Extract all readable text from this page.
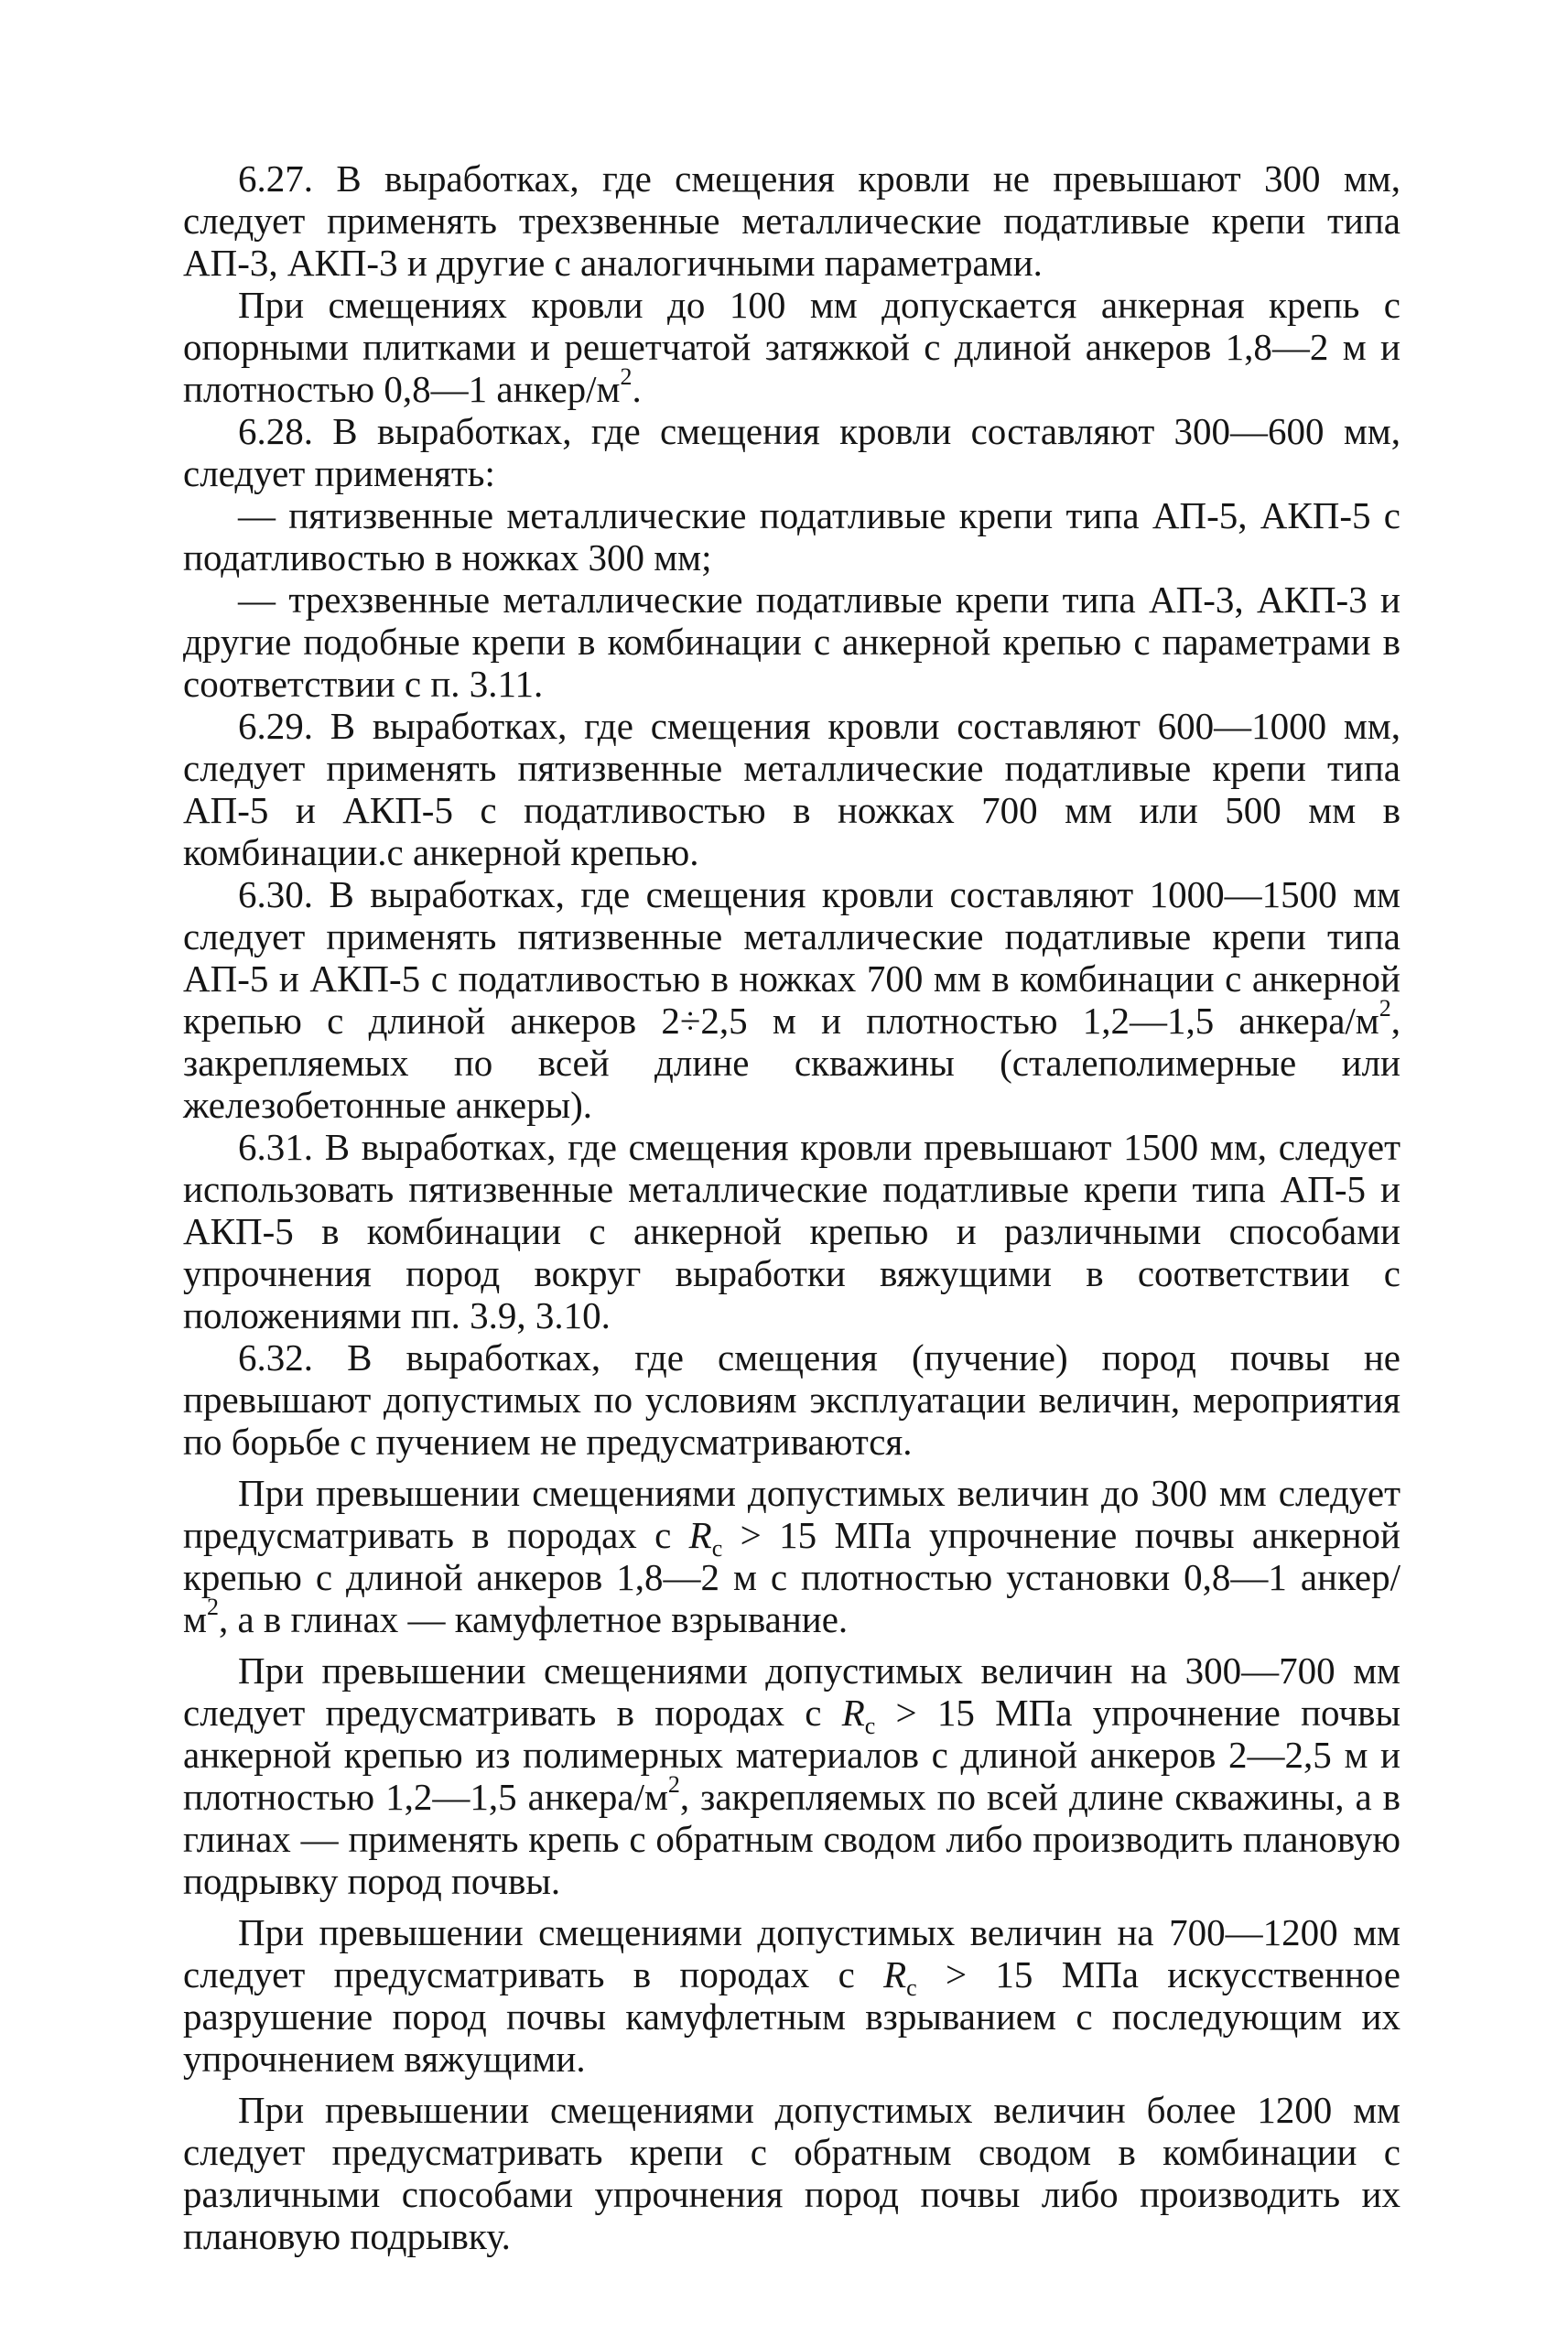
6.27. В выработках, где смещения кровли не превышают 300 мм, следует применять трехзвенные металлические податливые крепи типа АП-3, АКП-3 и другие с аналогичными параметрами.

При смещениях кровли до 100 мм допускается анкерная крепь с опорными плитками и решетчатой затяжкой с длиной анкеров 1,8—2 м и плотностью 0,8—1 анкер/$м^2$.

6.28. В выработках, где смещения кровли составляют 300—600 мм, следует применять:

— пятизвенные металлические податливые крепи типа АП-5, АКП-5 с податливостью в ножках 300 мм;

— трехзвенные металлические податливые крепи типа АП-3, АКП-3 и другие подобные крепи в комбинации с анкерной крепью с параметрами в соответствии с п. 3.11.

6.29. В выработках, где смещения кровли составляют 600—1000 мм, следует применять пятизвенные металлические податливые крепи типа АП-5 и АКП-5 с податливостью в ножках 700 мм или 500 мм в комбинации.с анкерной крепью.

6.30. В выработках, где смещения кровли составляют 1000—1500 мм следует применять пятизвенные металлические податливые крепи типа АП-5 и АКП-5 с податливостью в ножках 700 мм в комбинации с анкерной крепью с длиной анкеров 2÷2,5 м и плотностью 1,2—1,5 анкера/$м^2$, закрепляемых по всей длине скважины (сталеполимерные или железобетонные анкеры).

6.31. В выработках, где смещения кровли превышают 1500 мм, следует использовать пятизвенные металлические податливые крепи типа АП-5 и АКП-5 в комбинации с анкерной крепью и различными способами упрочнения пород вокруг выработки вяжущими в соответствии с положениями пп. 3.9, 3.10.

6.32. В выработках, где смещения (пучение) пород почвы не превышают допустимых по условиям эксплуатации величин, мероприятия по борьбе с пучением не предусматриваются.

При превышении смещениями допустимых величин до 300 мм следует предусматривать в породах с $R_с > 15$ МПа упрочнение почвы анкерной крепью с длиной анкеров 1,8—2 м с плотностью установки 0,8—1 анкер/$м^2$, а в глинах — камуфлетное взрывание.

При превышении смещениями допустимых величин на 300—700 мм следует предусматривать в породах с $R_с > 15$ МПа упрочнение почвы анкерной крепью из полимерных материалов с длиной анкеров 2—2,5 м и плотностью 1,2—1,5 анкера/$м^2$, закрепляемых по всей длине скважины, а в глинах — применять крепь с обратным сводом либо производить плановую подрывку пород почвы.

При превышении смещениями допустимых величин на 700—1200 мм следует предусматривать в породах с $R_с > 15$ МПа искусственное разрушение пород почвы камуфлетным взрыванием с последующим их упрочнением вяжущими.

При превышении смещениями допустимых величин более 1200 мм следует предусматривать крепи с обратным сводом в комбинации с различными способами упрочнения пород почвы либо производить их плановую подрывку.
